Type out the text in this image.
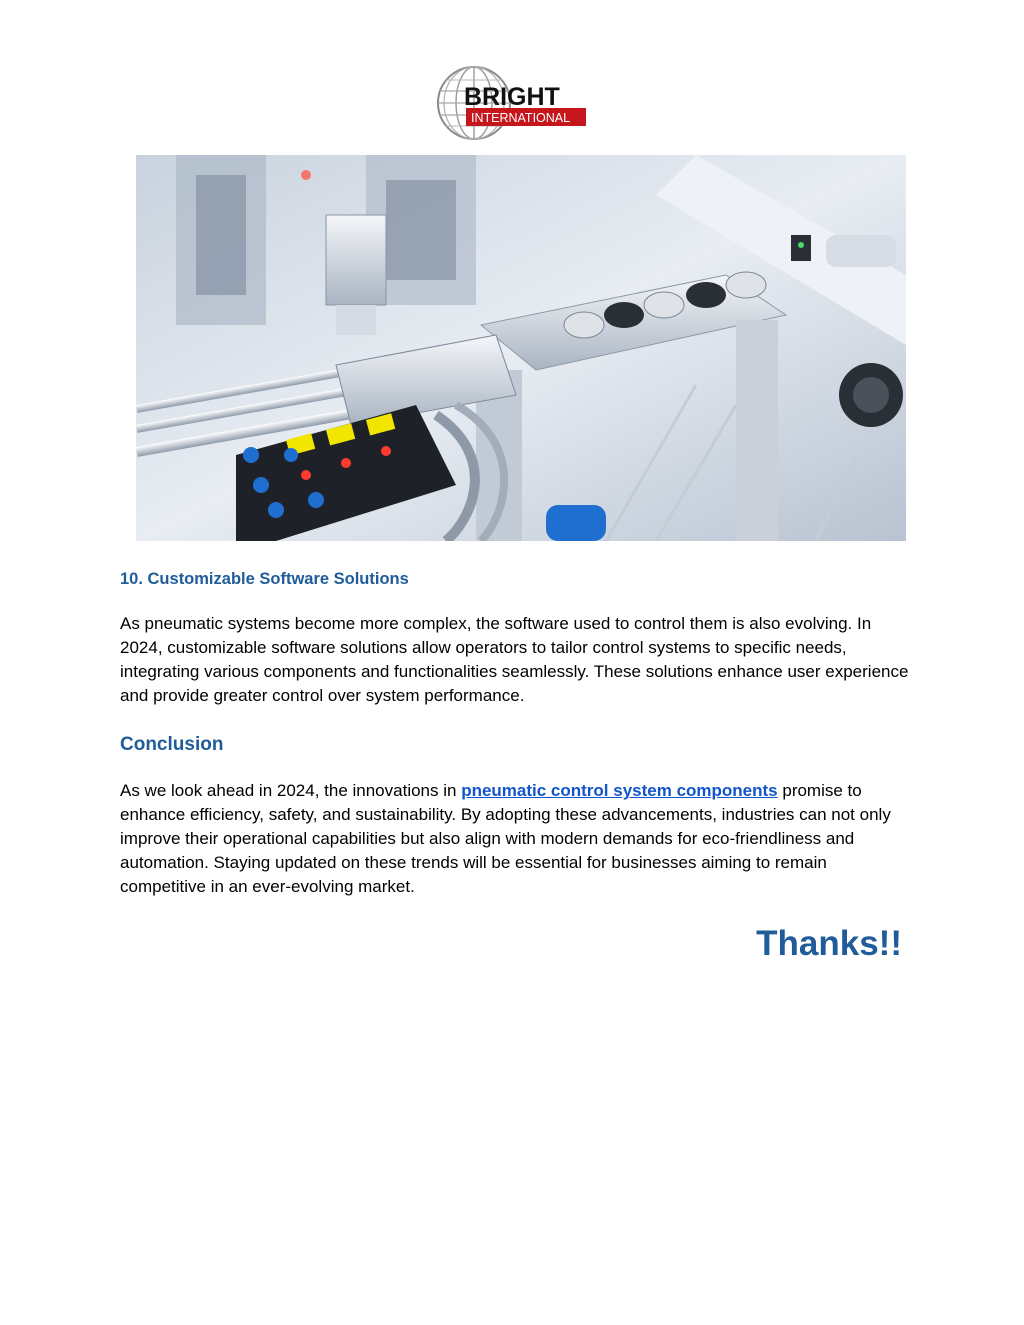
BRIGHT
INTERNATIONAL
10. Customizable Software Solutions

As pneumatic systems become more complex, the software used to control them is also evolving. In 2024, customizable software solutions allow operators to tailor control systems to specific needs, integrating various components and functionalities seamlessly. These solutions enhance user experience and provide greater control over system performance.

Conclusion

As we look ahead in 2024, the innovations in pneumatic control system components promise to enhance efficiency, safety, and sustainability. By adopting these advancements, industries can not only improve their operational capabilities but also align with modern demands for eco-friendliness and automation. Staying updated on these trends will be essential for businesses aiming to remain competitive in an ever-evolving market.

Thanks!!
